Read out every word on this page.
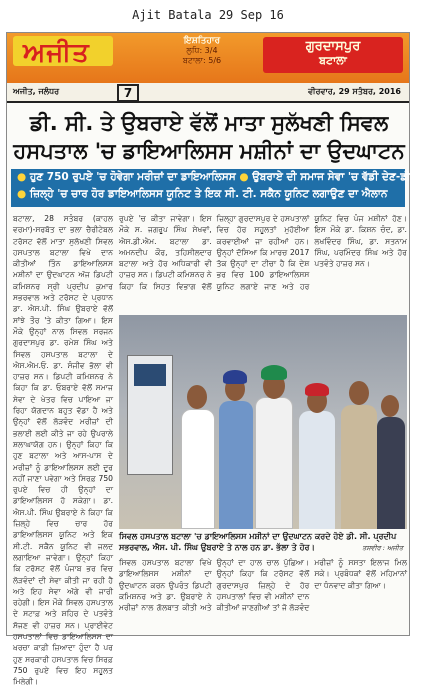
Ajit Batala 29 Sep 16
ਅਜੀਤ	ਇਸ਼ਤਿਹਾਰ
ਲੁਧਿ: 3/4
ਬਟਾਲਾ: 5/6
ਗੁਰਦਾਸਪੁਰ
ਬਟਾਲਾ
ਅਜੀਤ, ਜਲੰਧਰ	7	ਵੀਰਵਾਰ, 29 ਸਤੰਬਰ, 2016
ਡੀ. ਸੀ. ਤੇ ਉਬਰਾਏ ਵੱਲੋਂ ਮਾਤਾ ਸੁਲੱਖਣੀ ਸਿਵਲ
ਹਸਪਤਾਲ 'ਚ ਡਾਇਆਲਿਸਸ ਮਸ਼ੀਨਾਂ ਦਾ ਉਦਘਾਟਨ
● ਹੁਣ 750 ਰੁਪਏ 'ਚ ਹੋਵੇਗਾ ਮਰੀਜ਼ਾਂ ਦਾ ਡਾਇਆਲਿਸਸ ● ਉਬਰਾਏ ਦੀ ਸਮਾਜ ਸੇਵਾ 'ਚ ਵੱਡੀ ਦੇਣ-ਡੀ. ਸੀ
● ਜ਼ਿਲ੍ਹੇ 'ਚ ਚਾਰ ਹੋਰ ਡਾਇਆਲਿਸਸ ਯੂਨਿਟ ਤੇ ਇਕ ਸੀ. ਟੀ. ਸਕੈਨ ਯੂਨਿਟ ਲਗਾਉਣ ਦਾ ਐਲਾਨ
ਬਟਾਲਾ, 28 ਸਤੰਬਰ (ਕਾਹਲ ਵਰਮਾ)-ਸਰਬੱਤ ਦਾ ਭਲਾ ਚੈਰੀਟੇਬਲ ਟਰੱਸਟ ਵੱਲੋਂ ਮਾਤਾ ਸੁਲੱਖਣੀ ਸਿਵਲ ਹਸਪਤਾਲ ਬਟਾਲਾ ਵਿਖੇ ਦਾਨ ਕੀਤੀਆਂ ਤਿੰਨ ਡਾਇਆਲਿਸਸ ਮਸ਼ੀਨਾਂ ਦਾ ਉਦਘਾਟਨ ਅੱਜ ਡਿਪਟੀ ਕਮਿਸ਼ਨਰ ਸ੍ਰੀ ਪ੍ਰਦੀਪ ਕੁਮਾਰ ਸਭਰਵਾਲ ਅਤੇ ਟਰੱਸਟ ਦੇ ਪ੍ਰਧਾਨ ਡਾ. ਐਸ.ਪੀ. ਸਿੰਘ ਉਬਰਾਏ ਵੱਲੋਂ ਸਾਂਝੇ ਤੌਰ 'ਤੇ ਕੀਤਾ ਗਿਆ। ਇਸ ਮੌਕੇ ਉਨ੍ਹਾਂ ਨਾਲ ਸਿਵਲ ਸਰਜਨ ਗੁਰਦਾਸਪੁਰ ਡਾ. ਰਮੇਸ਼ ਸਿੰਘ ਅਤੇ ਸਿਵਲ ਹਸਪਤਾਲ ਬਟਾਲਾ ਦੇ ਐਸ.ਐਮ.ਓ. ਡਾ. ਸੰਜੀਵ ਭੱਲਾ ਵੀ ਹਾਜ਼ਰ ਸਨ। ਡਿਪਟੀ ਕਮਿਸ਼ਨਰ ਨੇ ਕਿਹਾ ਕਿ ਡਾ. ਓਬਰਾਏ ਵੱਲੋਂ ਸਮਾਜ ਸੇਵਾ ਦੇ ਖੇਤਰ ਵਿਚ ਪਾਇਆ ਜਾ ਰਿਹਾ ਯੋਗਦਾਨ ਬਹੁਤ ਵੱਡਾ ਹੈ ਅਤੇ ਉਨ੍ਹਾਂ ਵੱਲੋਂ ਲੋੜਵੰਦ ਮਰੀਜ਼ਾਂ ਦੀ ਭਲਾਈ ਲਈ ਕੀਤੇ ਜਾ ਰਹੇ ਉਪਰਾਲੇ ਸ਼ਲਾਘਾਯੋਗ ਹਨ। ਉਨ੍ਹਾਂ ਕਿਹਾ ਕਿ ਹੁਣ ਬਟਾਲਾ ਅਤੇ ਆਸ-ਪਾਸ ਦੇ ਮਰੀਜ਼ਾਂ ਨੂੰ ਡਾਇਆਲਿਸਸ ਲਈ ਦੂਰ ਨਹੀਂ ਜਾਣਾ ਪਵੇਗਾ ਅਤੇ ਸਿਰਫ਼ 750 ਰੁਪਏ ਵਿਚ ਹੀ ਉਨ੍ਹਾਂ ਦਾ ਡਾਇਆਲਿਸਸ ਹੋ ਸਕੇਗਾ। ਡਾ. ਐਸ.ਪੀ. ਸਿੰਘ ਉਬਰਾਏ ਨੇ ਕਿਹਾ ਕਿ ਜ਼ਿਲ੍ਹੇ ਵਿਚ ਚਾਰ ਹੋਰ ਡਾਇਆਲਿਸਸ ਯੂਨਿਟ ਅਤੇ ਇਕ ਸੀ.ਟੀ. ਸਕੈਨ ਯੂਨਿਟ ਵੀ ਜਲਦ ਲਗਾਇਆ ਜਾਵੇਗਾ। ਉਨ੍ਹਾਂ ਕਿਹਾ ਕਿ ਟਰੱਸਟ ਵੱਲੋਂ ਪੰਜਾਬ ਭਰ ਵਿਚ ਲੋੜਵੰਦਾਂ ਦੀ ਸੇਵਾ ਕੀਤੀ ਜਾ ਰਹੀ ਹੈ ਅਤੇ ਇਹ ਸੇਵਾ ਅੱਗੇ ਵੀ ਜਾਰੀ ਰਹੇਗੀ। ਇਸ ਮੌਕੇ ਸਿਵਲ ਹਸਪਤਾਲ ਦੇ ਸਟਾਫ਼ ਅਤੇ ਸ਼ਹਿਰ ਦੇ ਪਤਵੰਤੇ ਸੱਜਣ ਵੀ ਹਾਜ਼ਰ ਸਨ। ਪ੍ਰਾਈਵੇਟ ਹਸਪਤਾਲਾਂ ਵਿਚ ਡਾਇਆਲਿਸਸ ਦਾ ਖ਼ਰਚਾ ਕਾਫ਼ੀ ਜ਼ਿਆਦਾ ਹੁੰਦਾ ਹੈ ਪਰ ਹੁਣ ਸਰਕਾਰੀ ਹਸਪਤਾਲ ਵਿਚ ਸਿਰਫ਼ 750 ਰੁਪਏ ਵਿਚ ਇਹ ਸਹੂਲਤ ਮਿਲੇਗੀ।
ਰੁਪਏ 'ਚ ਕੀਤਾ ਜਾਵੇਗਾ। ਇਸ ਮੌਕੇ ਸ. ਜਗਰੂਪ ਸਿੰਘ ਸੇਖਵਾਂ, ਐਸ.ਡੀ.ਐਮ. ਬਟਾਲਾ ਡਾ. ਅਮਨਦੀਪ ਕੌਰ, ਤਹਿਸੀਲਦਾਰ ਬਟਾਲਾ ਅਤੇ ਹੋਰ ਅਧਿਕਾਰੀ ਵੀ ਹਾਜ਼ਰ ਸਨ। ਡਿਪਟੀ ਕਮਿਸ਼ਨਰ ਨੇ ਕਿਹਾ ਕਿ ਸਿਹਤ ਵਿਭਾਗ ਵੱਲੋਂ ਜ਼ਿਲ੍ਹਾ ਗੁਰਦਾਸਪੁਰ ਦੇ ਹਸਪਤਾਲਾਂ ਵਿਚ ਹੋਰ ਸਹੂਲਤਾਂ ਮੁਹੱਈਆ ਕਰਵਾਈਆਂ ਜਾ ਰਹੀਆਂ ਹਨ। ਉਨ੍ਹਾਂ ਦੱਸਿਆ ਕਿ ਮਾਰਚ 2017 ਤੱਕ ਉਨ੍ਹਾਂ ਦਾ ਟੀਚਾ ਹੈ ਕਿ ਦੇਸ਼ ਭਰ ਵਿਚ 100 ਡਾਇਆਲਿਸਸ ਯੂਨਿਟ ਲਗਾਏ ਜਾਣ ਅਤੇ ਹਰ ਯੂਨਿਟ ਵਿਚ ਪੰਜ ਮਸ਼ੀਨਾਂ ਹੋਣ। ਇਸ ਮੌਕੇ ਡਾ. ਕਿਸ਼ਨ ਚੰਦ, ਡਾ. ਲਖਵਿੰਦਰ ਸਿੰਘ, ਡਾ. ਸਤਨਾਮ ਸਿੰਘ, ਪਰਮਿੰਦਰ ਸਿੰਘ ਅਤੇ ਹੋਰ ਪਤਵੰਤੇ ਹਾਜ਼ਰ ਸਨ।
ਸਿਵਲ ਹਸਪਤਾਲ ਬਟਾਲਾ 'ਚ ਡਾਇਆਲਿਸਸ ਮਸ਼ੀਨਾਂ ਦਾ ਉਦਘਾਟਨ ਕਰਦੇ ਹੋਏ ਡੀ. ਸੀ. ਪ੍ਰਦੀਪ ਸਭਰਵਾਲ, ਐਸ. ਪੀ. ਸਿੰਘ ਉਬਰਾਏ ਤੇ ਨਾਲ ਹਨ ਡਾ. ਭੱਲਾ ਤੇ ਹੋਰ।	ਤਸਵੀਰ : ਅਜੀਤ
ਸਿਵਲ ਹਸਪਤਾਲ ਬਟਾਲਾ ਵਿਖੇ ਡਾਇਆਲਿਸਸ ਮਸ਼ੀਨਾਂ ਦਾ ਉਦਘਾਟਨ ਕਰਨ ਉਪਰੰਤ ਡਿਪਟੀ ਕਮਿਸ਼ਨਰ ਅਤੇ ਡਾ. ਉਬਰਾਏ ਨੇ ਮਰੀਜ਼ਾਂ ਨਾਲ ਗੱਲਬਾਤ ਕੀਤੀ ਅਤੇ ਉਨ੍ਹਾਂ ਦਾ ਹਾਲ ਚਾਲ ਪੁੱਛਿਆ। ਉਨ੍ਹਾਂ ਕਿਹਾ ਕਿ ਟਰੱਸਟ ਵੱਲੋਂ ਗੁਰਦਾਸਪੁਰ ਜ਼ਿਲ੍ਹੇ ਦੇ ਹੋਰ ਹਸਪਤਾਲਾਂ ਵਿਚ ਵੀ ਮਸ਼ੀਨਾਂ ਦਾਨ ਕੀਤੀਆਂ ਜਾਣਗੀਆਂ ਤਾਂ ਜੋ ਲੋੜਵੰਦ ਮਰੀਜ਼ਾਂ ਨੂੰ ਸਸਤਾ ਇਲਾਜ ਮਿਲ ਸਕੇ। ਪ੍ਰਬੰਧਕਾਂ ਵੱਲੋਂ ਮਹਿਮਾਨਾਂ ਦਾ ਧੰਨਵਾਦ ਕੀਤਾ ਗਿਆ।
